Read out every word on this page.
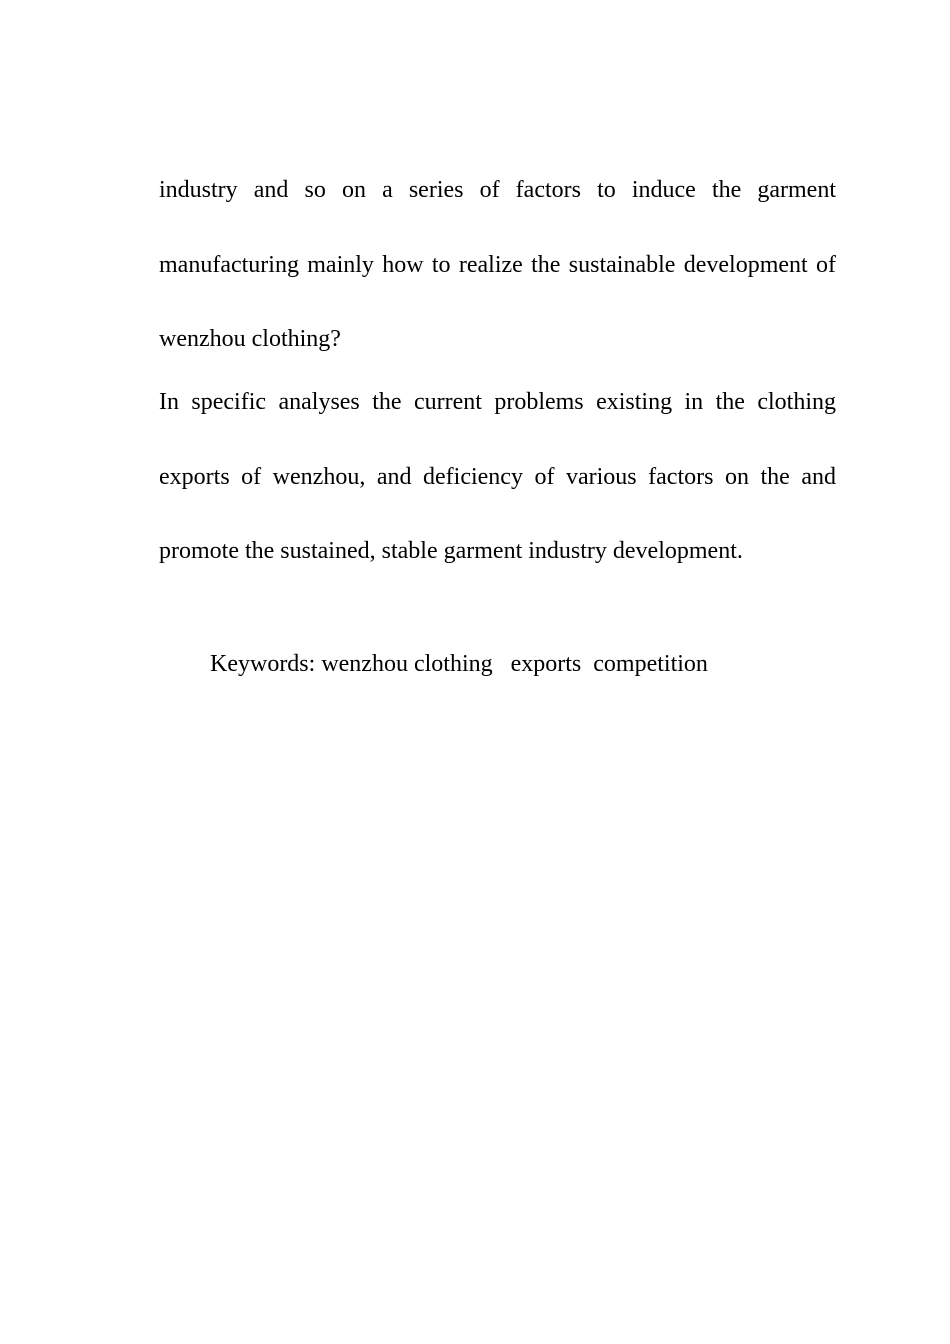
industry and so on a series of factors to induce the garment manufacturing mainly how to realize the sustainable development of wenzhou clothing?

In specific analyses the current problems existing in the clothing exports of wenzhou, and deficiency of various factors on the and promote the sustained, stable garment industry development.

Keywords: wenzhou clothing   exports  competition
